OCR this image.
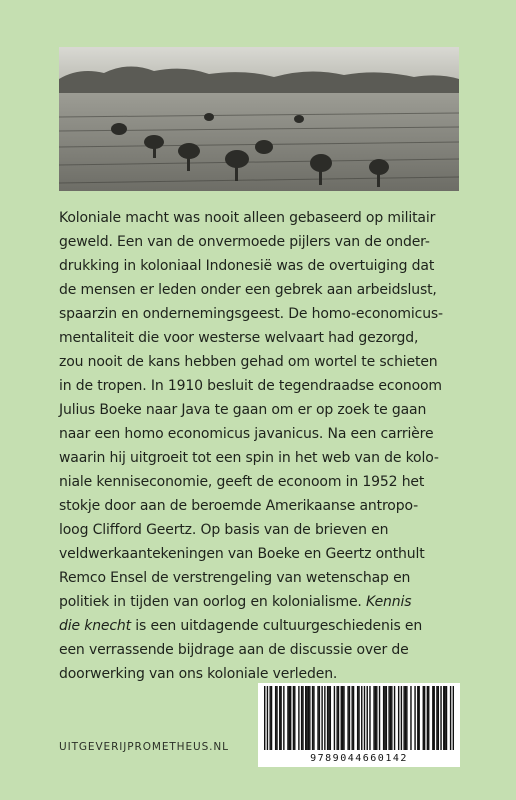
Koloniale macht was nooit alleen gebaseerd op militair
geweld. Een van de onvermoede pijlers van de onder-
drukking in koloniaal Indonesië was de overtuiging dat
de mensen er leden onder een gebrek aan arbeidslust,
spaarzin en ondernemingsgeest. De homo-economicus-
mentaliteit die voor westerse welvaart had gezorgd,
zou nooit de kans hebben gehad om wortel te schieten
in de tropen. In 1910 besluit de tegendraadse econoom
Julius Boeke naar Java te gaan om er op zoek te gaan
naar een homo economicus javanicus. Na een carrière
waarin hij uitgroeit tot een spin in het web van de kolo-
niale kenniseconomie, geeft de econoom in 1952 het
stokje door aan de beroemde Amerikaanse antropo-
loog Clifford Geertz. Op basis van de brieven en
veldwerkaantekeningen van Boeke en Geertz onthult
Remco Ensel de verstrengeling van wetenschap en
politiek in tijden van oorlog en kolonialisme. Kennis
die knecht is een uitdagende cultuurgeschiedenis en
een verrassende bijdrage aan de discussie over de
doorwerking van ons koloniale verleden.

UITGEVERIJPROMETHEUS.NL
9789044660142
